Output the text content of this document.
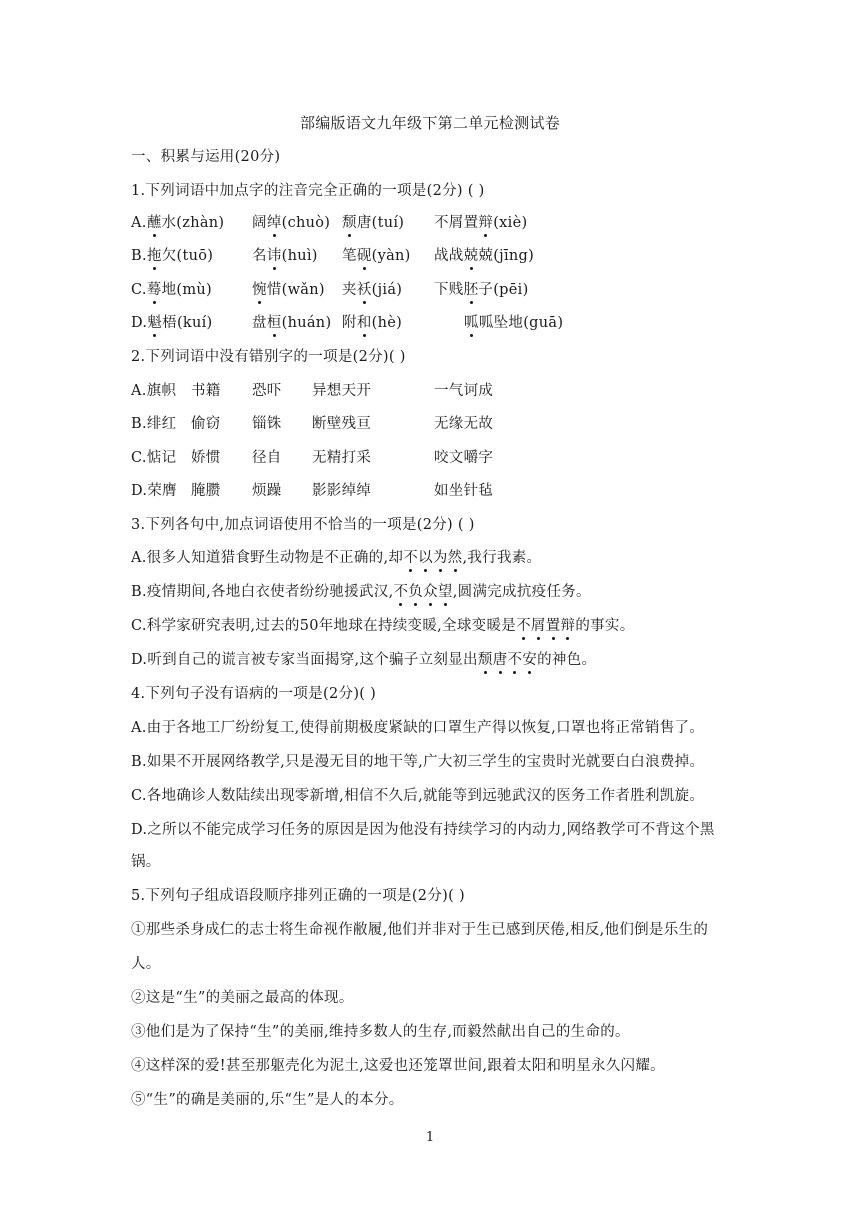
部编版语文九年级下第二单元检测试卷
一、积累与运用(20分)
1.下列词语中加点字的注音完全正确的一项是(2分) ( )
A.蘸水(zhàn) 阔绰(chuò) 颓唐(tuí) 不屑置辩(xiè)
B.拖欠(tuō)	名讳(huì) 笔砚(yàn) 战战兢兢(jīng)
C.蓦地(mù)	惋惜(wǎn) 夹袄(jiá) 下贱胚子(pēi)
D.魁梧(kuí)	盘桓(huán) 附和(hè)	呱呱坠地(guā)
2.下列词语中没有错别字的一项是(2分)( )
A.旗帜 书籍 恐吓 异想天开	一气诃成
B.绯红 偷窃 锱铢 断壁残亘	无缘无故
C.惦记 娇惯 径自 无精打采	咬文嚼字
D.荣膺 腌臜 烦躁 影影绰绰	如坐针毡
3.下列各句中,加点词语使用不恰当的一项是(2分) ( )
A.很多人知道猎食野生动物是不正确的,却不以为然,我行我素。
B.疫情期间,各地白衣使者纷纷驰援武汉,不负众望,圆满完成抗疫任务。
C.科学家研究表明,过去的50年地球在持续变暖,全球变暖是不屑置辩的事实。
D.听到自己的谎言被专家当面揭穿,这个骗子立刻显出颓唐不安的神色。
4.下列句子没有语病的一项是(2分)( )
A.由于各地工厂纷纷复工,使得前期极度紧缺的口罩生产得以恢复,口罩也将正常销售了。
B.如果不开展网络教学,只是漫无目的地干等,广大初三学生的宝贵时光就要白白浪费掉。
C.各地确诊人数陆续出现零新增,相信不久后,就能等到远驰武汉的医务工作者胜利凯旋。
D.之所以不能完成学习任务的原因是因为他没有持续学习的内动力,网络教学可不背这个黑
锅。
5.下列句子组成语段顺序排列正确的一项是(2分)( )
①那些杀身成仁的志士将生命视作敝履,他们并非对于生已感到厌倦,相反,他们倒是乐生的
人。
②这是“生”的美丽之最高的体现。
③他们是为了保持“生”的美丽,维持多数人的生存,而毅然献出自己的生命的。
④这样深的爱!甚至那躯壳化为泥土,这爱也还笼罩世间,跟着太阳和明星永久闪耀。
⑤“生”的确是美丽的,乐“生”是人的本分。
1
